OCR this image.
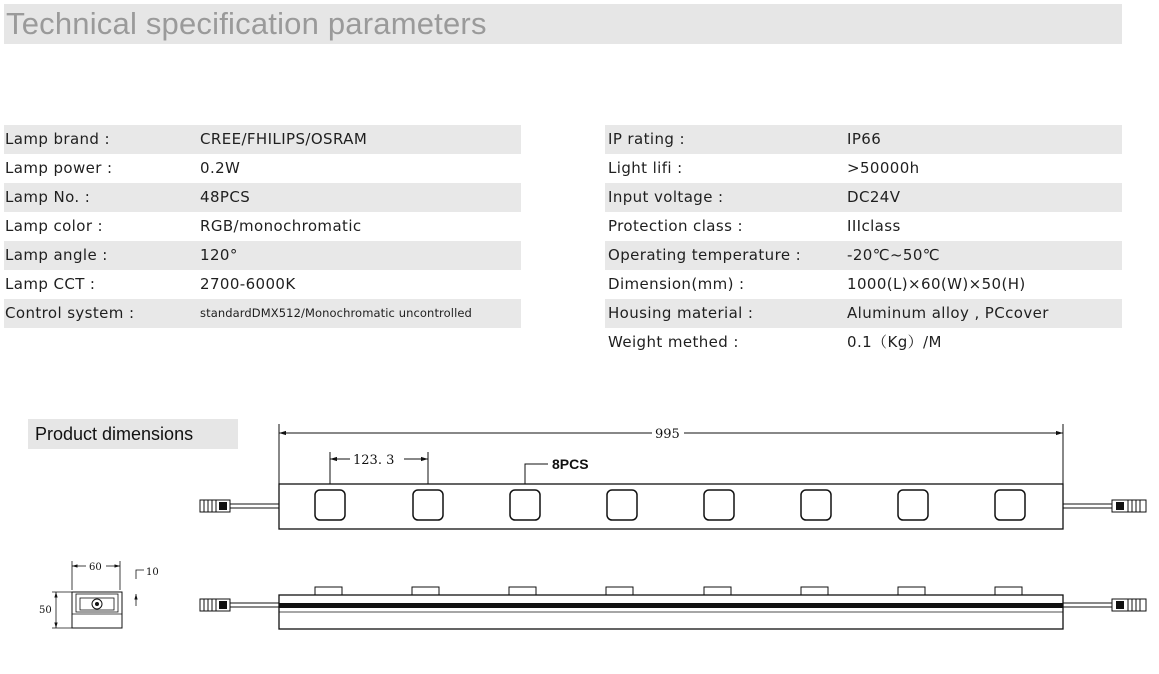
Technical specification parameters
Lamp brand :	CREE/FHILIPS/OSRAM
Lamp power :	0.2W
Lamp No. :	48PCS
Lamp color :	RGB/monochromatic
Lamp angle :	120°
Lamp CCT :	2700-6000K
Control system :	standardDMX512/Monochromatic uncontrolled
IP rating :	IP66
Light lifi :	>50000h
Input voltage :	DC24V
Protection class :	IIIclass
Operating temperature :	-20℃~50℃
Dimension(mm) :	1000(L)×60(W)×50(H)
Housing material :	Aluminum alloy , PCcover
Weight methed :	0.1（Kg）/M
Product dimensions	995
123. 3	8PCS
60	10
50
